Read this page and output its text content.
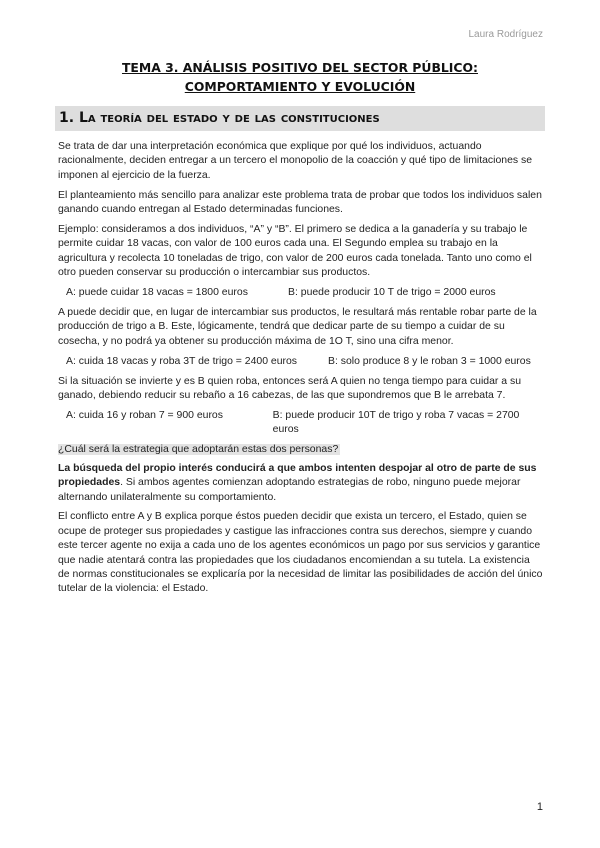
Laura Rodríguez
TEMA 3. ANÁLISIS POSITIVO DEL SECTOR PÚBLICO: COMPORTAMIENTO Y EVOLUCIÓN
1. La teoría del estado y de las constituciones

Se trata de dar una interpretación económica que explique por qué los individuos, actuando racionalmente, deciden entregar a un tercero el monopolio de la coacción y qué tipo de limitaciones se imponen al ejercicio de la fuerza.

El planteamiento más sencillo para analizar este problema trata de probar que todos los individuos salen ganando cuando entregan al Estado determinadas funciones.

Ejemplo: consideramos a dos individuos, “A” y “B”. El primero se dedica a la ganadería y su trabajo le permite cuidar 18 vacas, con valor de 100 euros cada una. El Segundo emplea su trabajo en la agricultura y recolecta 10 toneladas de trigo, con valor de 200 euros cada tonelada. Tanto uno como el otro pueden conservar su producción o intercambiar sus productos.

A: puede cuidar 18 vacas = 1800 euros	B: puede producir 10 T de trigo = 2000 euros

A puede decidir que, en lugar de intercambiar sus productos, le resultará más rentable robar parte de la producción de trigo a B. Este, lógicamente, tendrá que dedicar parte de su tiempo a cuidar de su cosecha, y no podrá ya obtener su producción máxima de 1O T, sino una cifra menor.

A: cuida 18 vacas y roba 3T de trigo = 2400 euros	B: solo produce 8 y le roban 3 = 1000 euros

Si la situación se invierte y es B quien roba, entonces será A quien no tenga tiempo para cuidar a su ganado, debiendo reducir su rebaño a 16 cabezas, de las que supondremos que B le arrebata 7.

A: cuida 16 y roban 7 = 900 euros	B: puede producir 10T de trigo y roba 7 vacas = 2700 euros

¿Cuál será la estrategia que adoptarán estas dos personas?

La búsqueda del propio interés conducirá a que ambos intenten despojar al otro de parte de sus propiedades. Si ambos agentes comienzan adoptando estrategias de robo, ninguno puede mejorar alternando unilateralmente su comportamiento.

El conflicto entre A y B explica porque éstos pueden decidir que exista un tercero, el Estado, quien se ocupe de proteger sus propiedades y castigue las infracciones contra sus derechos, siempre y cuando este tercer agente no exija a cada uno de los agentes económicos un pago por sus servicios y garantice que nadie atentará contra las propiedades que los ciudadanos encomiendan a su tutela. La existencia de normas constitucionales se explicaría por la necesidad de limitar las posibilidades de acción del único tutelar de la violencia: el Estado.

1
